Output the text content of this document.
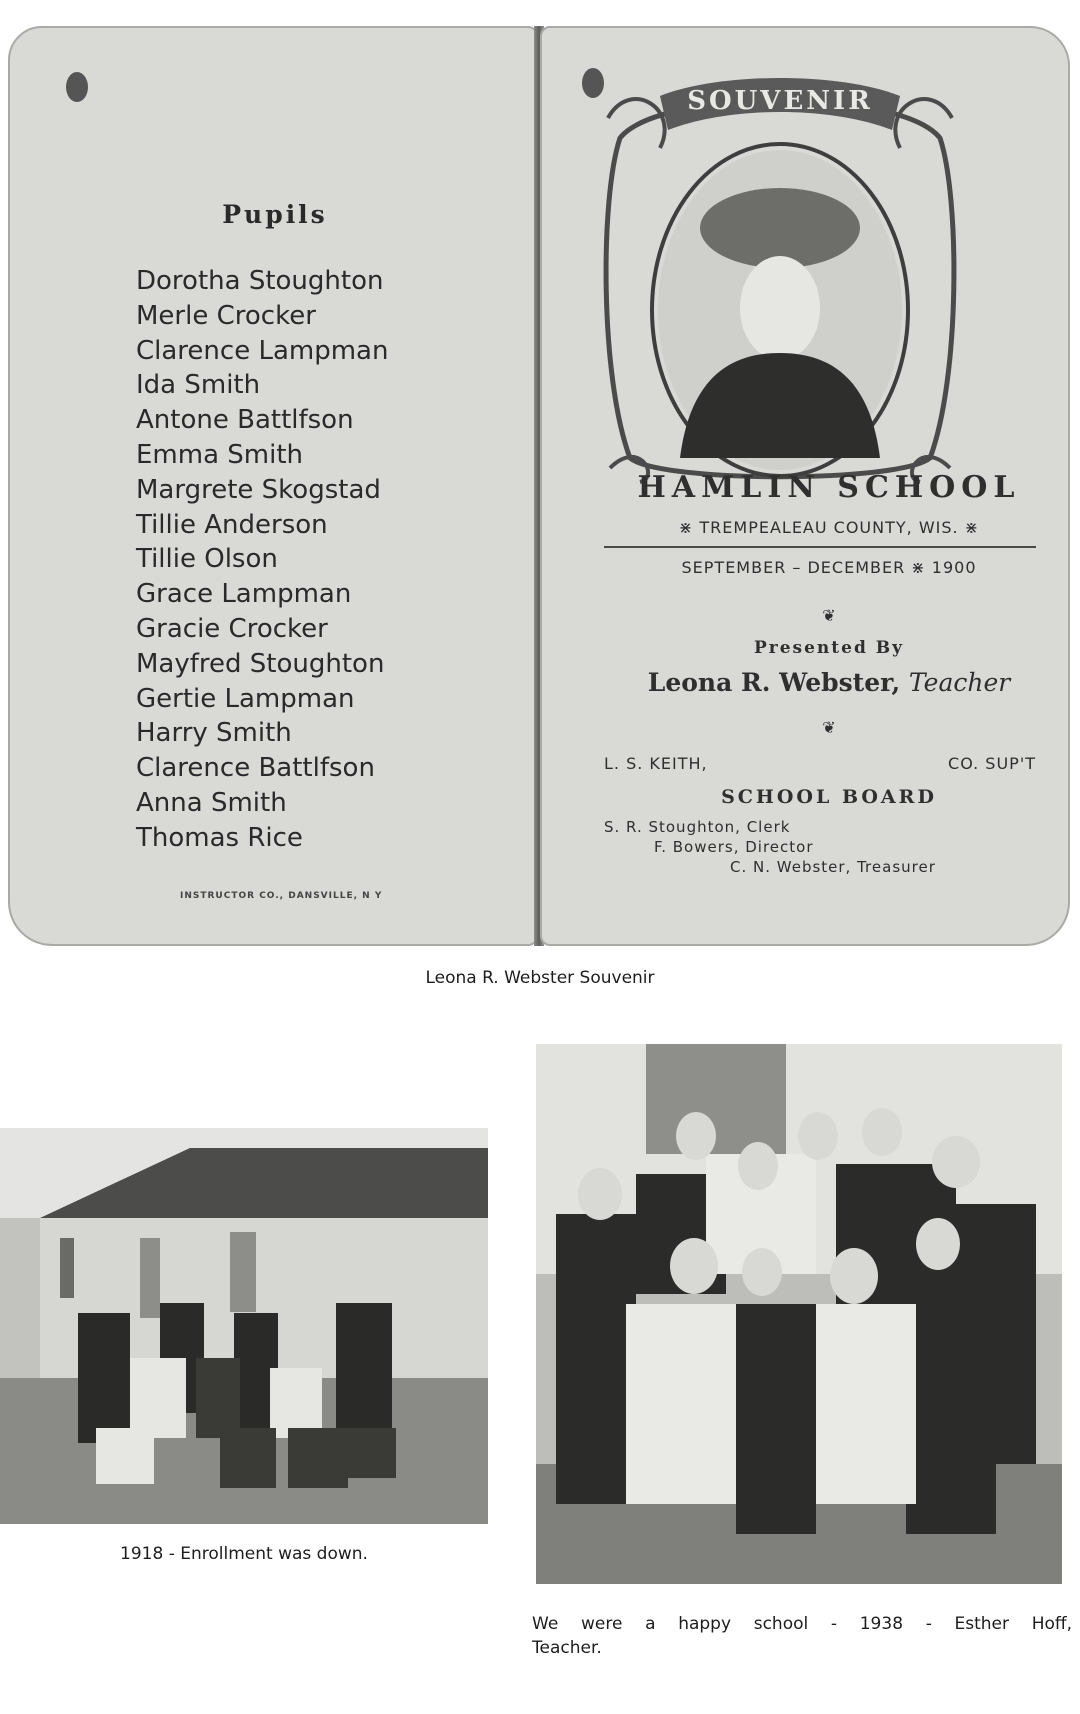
Pupils
Dorotha Stoughton
Merle Crocker
Clarence Lampman
Ida Smith
Antone Battlfson
Emma Smith
Margrete Skogstad
Tillie Anderson
Tillie Olson
Grace Lampman
Gracie Crocker
Mayfred Stoughton
Gertie Lampman
Harry Smith
Clarence Battlfson
Anna Smith
Thomas Rice
INSTRUCTOR CO., DANSVILLE, N Y
SOUVENIR
HAMLIN SCHOOL
⋇ TREMPEALEAU COUNTY, WIS. ⋇
SEPTEMBER – DECEMBER ⋇ 1900
❦
Presented By
Leona R. Webster, Teacher
❦
L. S. KEITH,	CO. SUP'T
SCHOOL BOARD
S. R. Stoughton, Clerk
F. Bowers, Director
C. N. Webster, Treasurer
Leona R. Webster Souvenir
1918 - Enrollment was down.
We were a happy school - 1938 - Esther Hoff,
Teacher.
